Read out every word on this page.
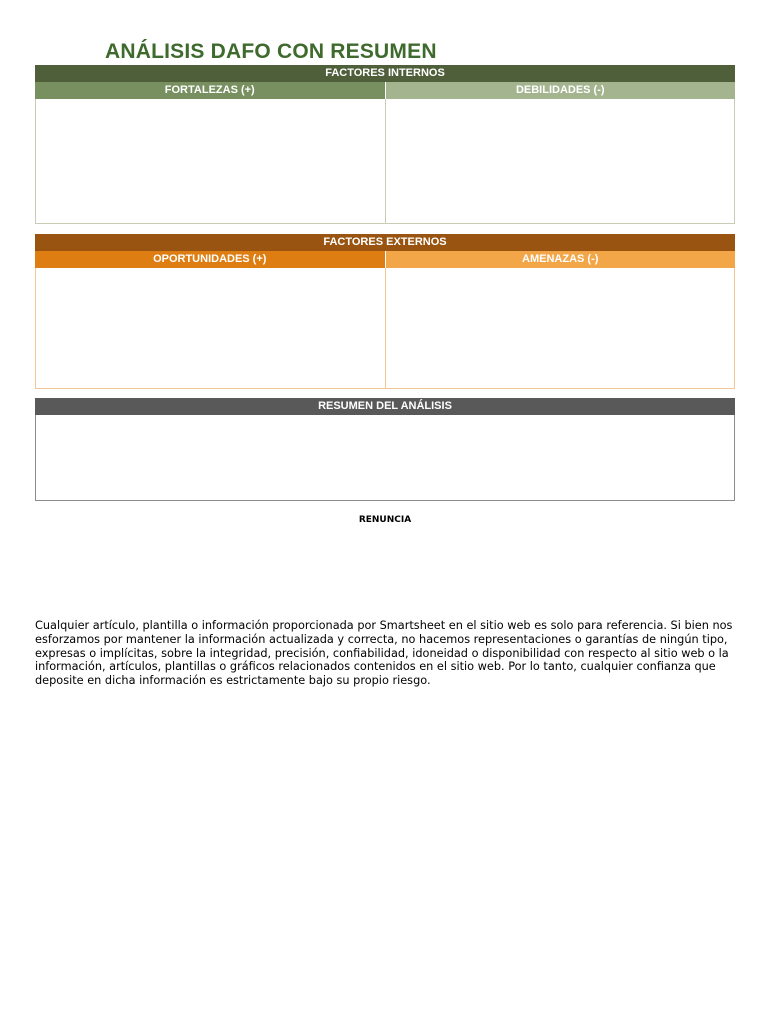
ANÁLISIS DAFO CON RESUMEN
FACTORES INTERNOS
FORTALEZAS (+)	DEBILIDADES (-)
FACTORES EXTERNOS
OPORTUNIDADES (+)	AMENAZAS (-)
RESUMEN DEL ANÁLISIS
RENUNCIA
Cualquier artículo, plantilla o información proporcionada por Smartsheet en el sitio web es solo para referencia. Si bien nos esforzamos por mantener la información actualizada y correcta, no hacemos representaciones o garantías de ningún tipo, expresas o implícitas, sobre la integridad, precisión, confiabilidad, idoneidad o disponibilidad con respecto al sitio web o la información, artículos, plantillas o gráficos relacionados contenidos en el sitio web. Por lo tanto, cualquier confianza que deposite en dicha información es estrictamente bajo su propio riesgo.
